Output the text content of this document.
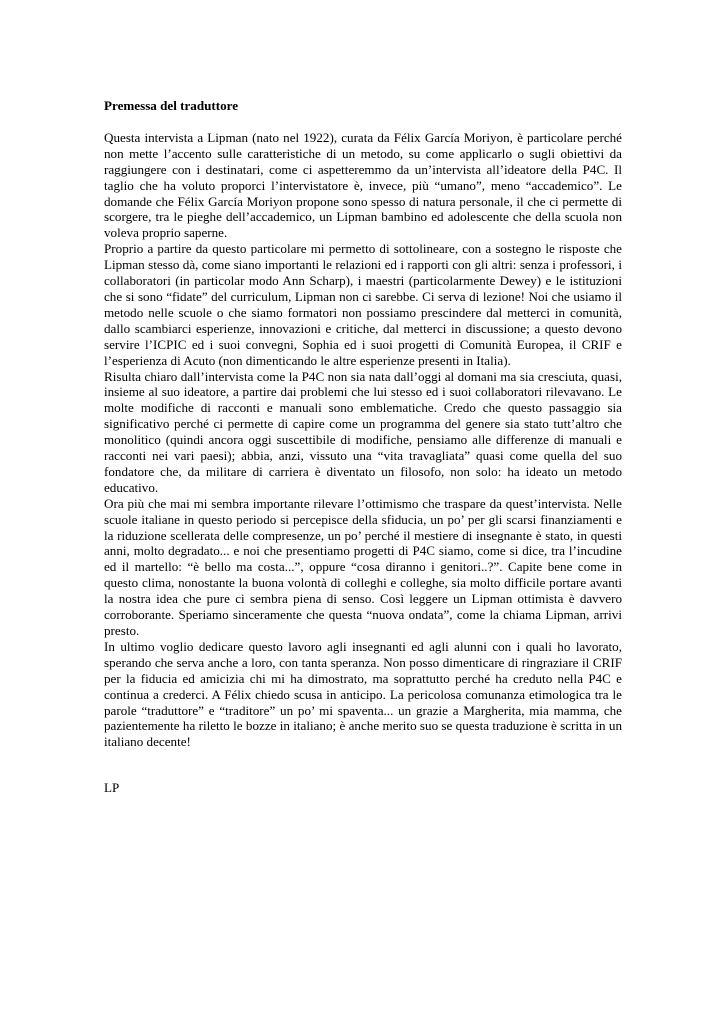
Premessa del traduttore

Questa intervista a Lipman (nato nel 1922), curata da Félix García Moriyon, è particolare perché non mette l’accento sulle caratteristiche di un metodo, su come applicarlo o sugli obiettivi da raggiungere con i destinatari, come ci aspetteremmo da un’intervista all’ideatore della P4C. Il taglio che ha voluto proporci l’intervistatore è, invece, più “umano”, meno “accademico”. Le domande che Félix García Moriyon propone sono spesso di natura personale, il che ci permette di scorgere, tra le pieghe dell’accademico, un Lipman bambino ed adolescente che della scuola non voleva proprio saperne.

Proprio a partire da questo particolare mi permetto di sottolineare, con a sostegno le risposte che Lipman stesso dà, come siano importanti le relazioni ed i rapporti con gli altri: senza i professori, i collaboratori (in particolar modo Ann Scharp), i maestri (particolarmente Dewey) e le istituzioni che si sono “fidate” del curriculum, Lipman non ci sarebbe. Ci serva di lezione! Noi che usiamo il metodo nelle scuole o che siamo formatori non possiamo prescindere dal metterci in comunità, dallo scambiarci esperienze, innovazioni e critiche, dal metterci in discussione; a questo devono servire l’ICPIC ed i suoi convegni, Sophia ed i suoi progetti di Comunità Europea, il CRIF e l’esperienza di Acuto (non dimenticando le altre esperienze presenti in Italia).

Risulta chiaro dall’intervista come la P4C non sia nata dall’oggi al domani ma sia cresciuta, quasi, insieme al suo ideatore, a partire dai problemi che lui stesso ed i suoi collaboratori rilevavano. Le molte modifiche di racconti e manuali sono emblematiche. Credo che questo passaggio sia significativo perché ci permette di capire come un programma del genere sia stato tutt’altro che monolitico (quindi ancora oggi suscettibile di modifiche, pensiamo alle differenze di manuali e racconti nei vari paesi); abbia, anzi, vissuto una “vita travagliata” quasi come quella del suo fondatore che, da militare di carriera è diventato un filosofo, non solo: ha ideato un metodo educativo.

Ora più che mai mi sembra importante rilevare l’ottimismo che traspare da quest’intervista. Nelle scuole italiane in questo periodo si percepisce della sfiducia, un po’ per gli scarsi finanziamenti e la riduzione scellerata delle compresenze, un po’ perché il mestiere di insegnante è stato, in questi anni, molto degradato... e noi che presentiamo progetti di P4C siamo, come si dice, tra l’incudine ed il martello: “è bello ma costa...”, oppure “cosa diranno i genitori..?”. Capite bene come in questo clima, nonostante la buona volontà di colleghi e colleghe, sia molto difficile portare avanti la nostra idea che pure ci sembra piena di senso. Così leggere un Lipman ottimista è davvero corroborante. Speriamo sinceramente che questa “nuova ondata”, come la chiama Lipman, arrivi presto.

In ultimo voglio dedicare questo lavoro agli insegnanti ed agli alunni con i quali ho lavorato, sperando che serva anche a loro, con tanta speranza. Non posso dimenticare di ringraziare il CRIF per la fiducia ed amicizia chi mi ha dimostrato, ma soprattutto perché ha creduto nella P4C e continua a crederci. A Félix chiedo scusa in anticipo. La pericolosa comunanza etimologica tra le parole “traduttore” e “traditore” un po’ mi spaventa... un grazie a Margherita, mia mamma, che pazientemente ha riletto le bozze in italiano; è anche merito suo se questa traduzione è scritta in un italiano decente!

LP
